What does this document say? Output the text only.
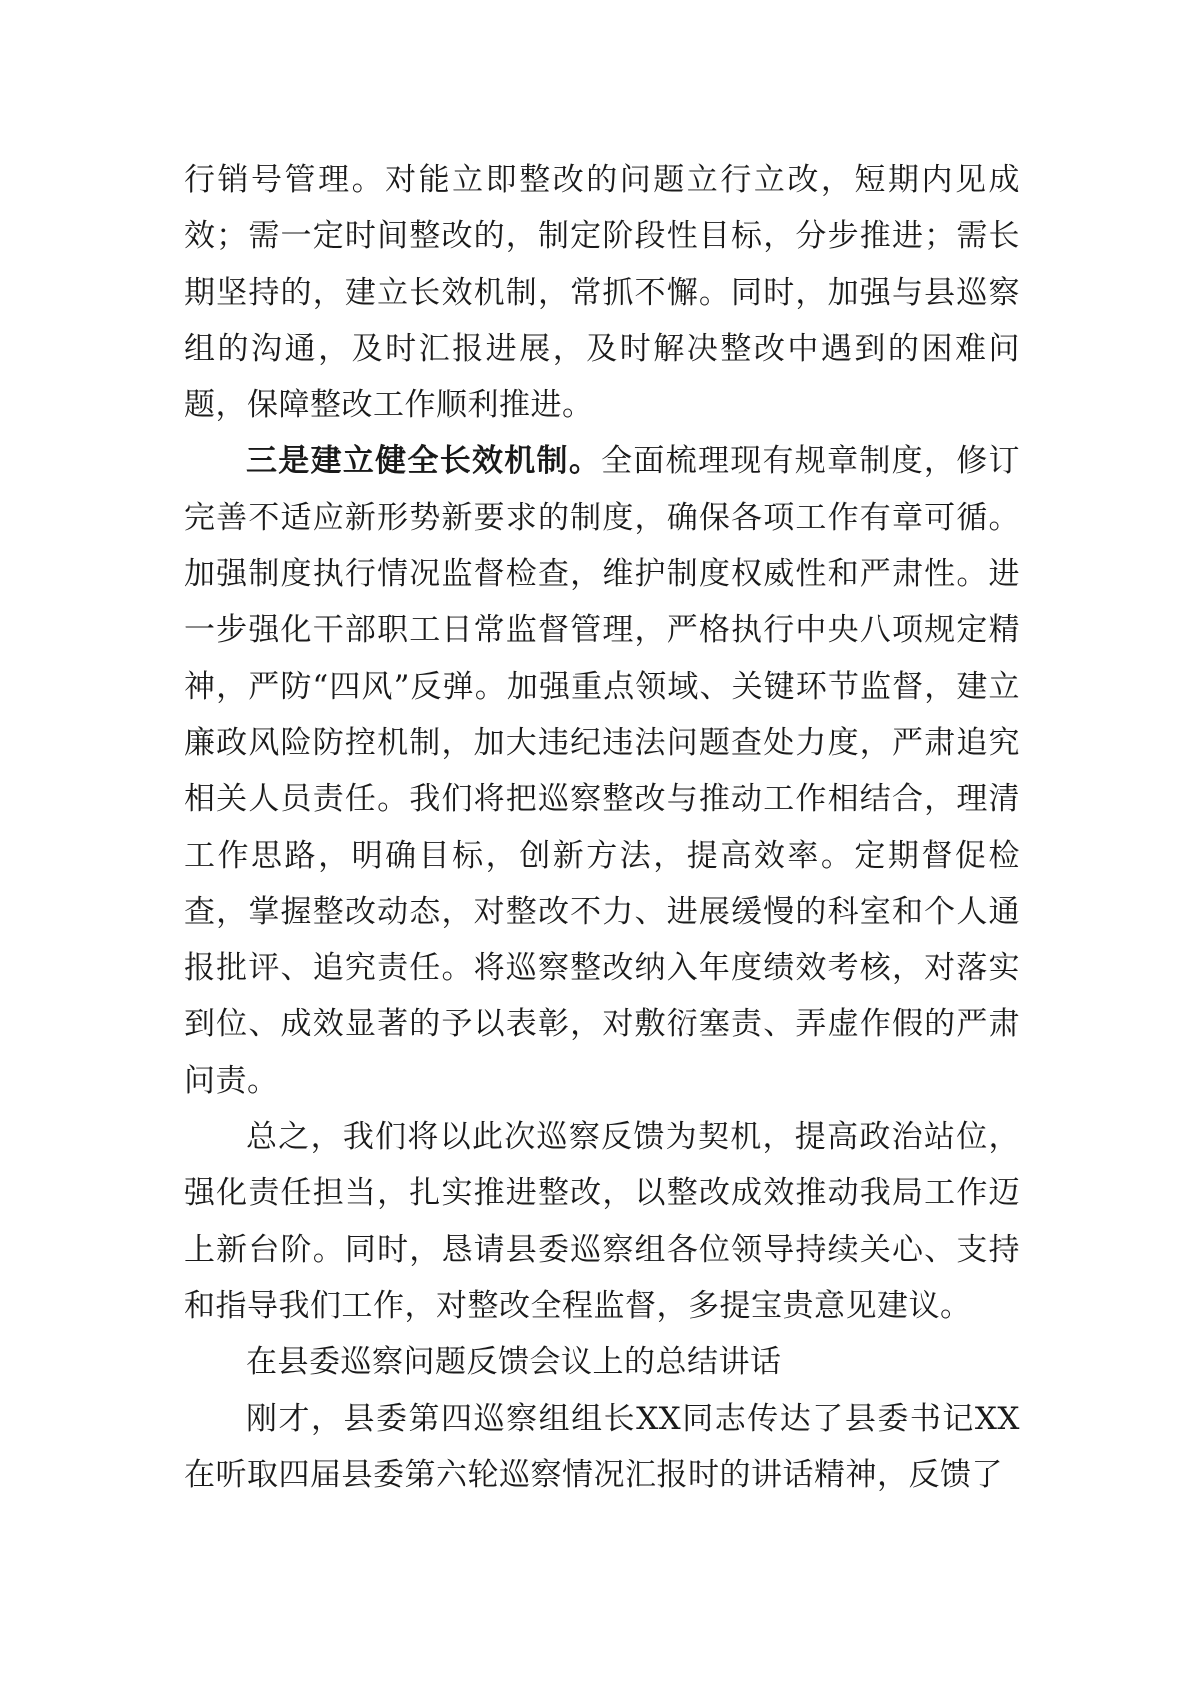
行销号管理。对能立即整改的问题立行立改，短期内见成效；需一定时间整改的，制定阶段性目标，分步推进；需长期坚持的，建立长效机制，常抓不懈。同时，加强与县巡察组的沟通，及时汇报进展，及时解决整改中遇到的困难问题，保障整改工作顺利推进。

三是建立健全长效机制。全面梳理现有规章制度，修订完善不适应新形势新要求的制度，确保各项工作有章可循。加强制度执行情况监督检查，维护制度权威性和严肃性。进一步强化干部职工日常监督管理，严格执行中央八项规定精神，严防“四风”反弹。加强重点领域、关键环节监督，建立廉政风险防控机制，加大违纪违法问题查处力度，严肃追究相关人员责任。我们将把巡察整改与推动工作相结合，理清工作思路，明确目标，创新方法，提高效率。定期督促检查，掌握整改动态，对整改不力、进展缓慢的科室和个人通报批评、追究责任。将巡察整改纳入年度绩效考核，对落实到位、成效显著的予以表彰，对敷衍塞责、弄虚作假的严肃问责。

总之，我们将以此次巡察反馈为契机，提高政治站位，强化责任担当，扎实推进整改，以整改成效推动我局工作迈上新台阶。同时，恳请县委巡察组各位领导持续关心、支持和指导我们工作，对整改全程监督，多提宝贵意见建议。

在县委巡察问题反馈会议上的总结讲话

刚才，县委第四巡察组组长XX同志传达了县委书记XX在听取四届县委第六轮巡察情况汇报时的讲话精神，反馈了
